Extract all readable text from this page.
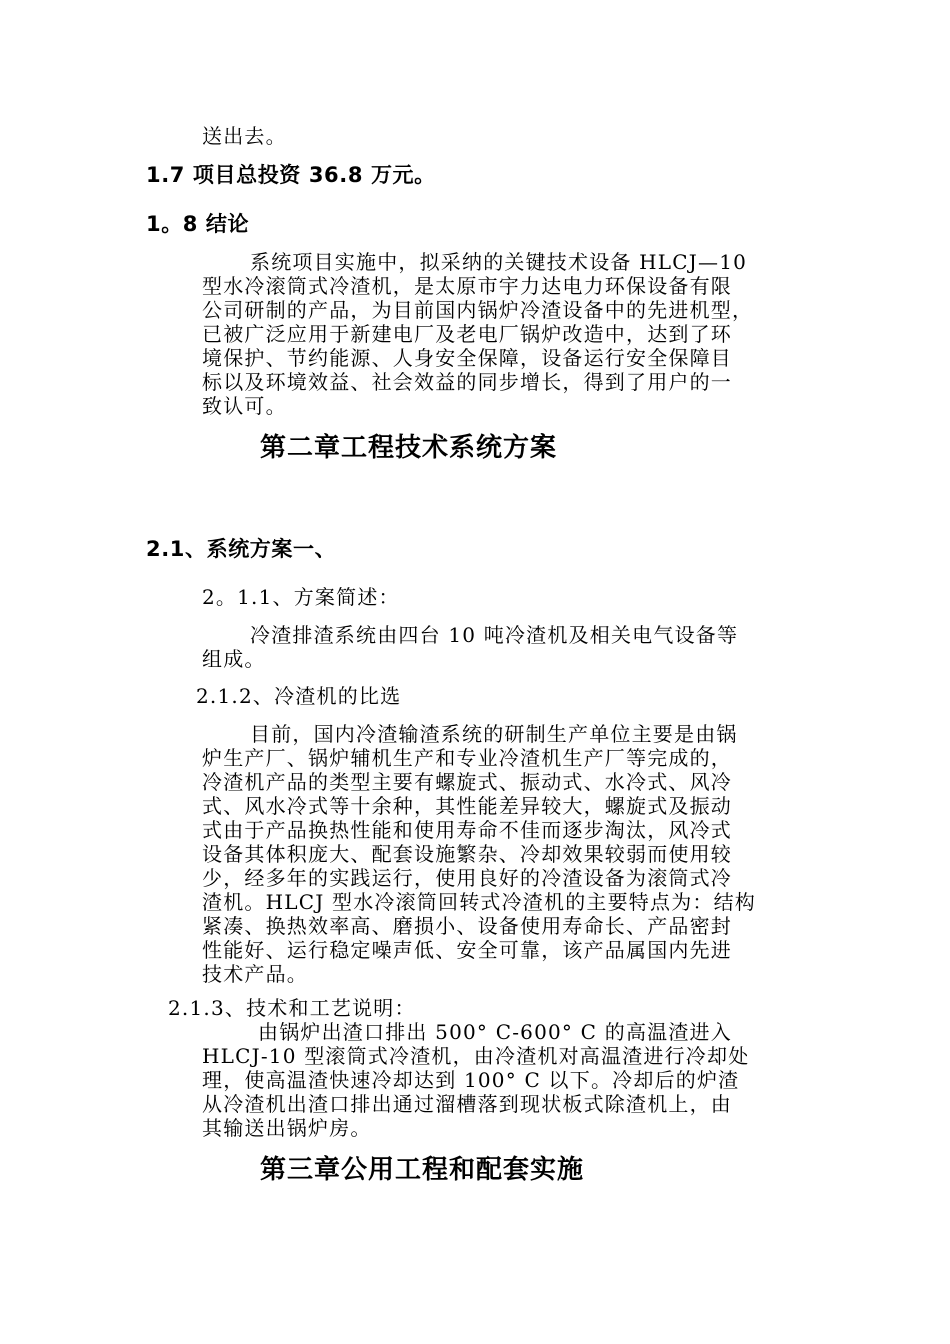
送出去。
1.7 项目总投资 36.8 万元。
1。8 结论
系统项目实施中，拟采纳的关键技术设备 HLCJ—10
型水冷滚筒式冷渣机，是太原市宇力达电力环保设备有限
公司研制的产品，为目前国内锅炉冷渣设备中的先进机型，
已被广泛应用于新建电厂及老电厂锅炉改造中，达到了环
境保护、节约能源、人身安全保障，设备运行安全保障目
标以及环境效益、社会效益的同步增长，得到了用户的一
致认可。
第二章工程技术系统方案
2.1、系统方案一、
2。1.1、方案简述：
冷渣排渣系统由四台 10 吨冷渣机及相关电气设备等
组成。
2.1.2、冷渣机的比选
目前，国内冷渣输渣系统的研制生产单位主要是由锅
炉生产厂、锅炉辅机生产和专业冷渣机生产厂等完成的，
冷渣机产品的类型主要有螺旋式、振动式、水冷式、风冷
式、风水冷式等十余种，其性能差异较大，螺旋式及振动
式由于产品换热性能和使用寿命不佳而逐步淘汰，风冷式
设备其体积庞大、配套设施繁杂、冷却效果较弱而使用较
少，经多年的实践运行，使用良好的冷渣设备为滚筒式冷
渣机。HLCJ 型水冷滚筒回转式冷渣机的主要特点为：结构
紧凑、换热效率高、磨损小、设备使用寿命长、产品密封
性能好、运行稳定噪声低、安全可靠，该产品属国内先进
技术产品。
2.1.3、技术和工艺说明：
由锅炉出渣口排出 500° C-600° C 的高温渣进入
HLCJ-10 型滚筒式冷渣机，由冷渣机对高温渣进行冷却处
理，使高温渣快速冷却达到 100° C 以下。冷却后的炉渣
从冷渣机出渣口排出通过溜槽落到现状板式除渣机上，由
其输送出锅炉房。
第三章公用工程和配套实施
